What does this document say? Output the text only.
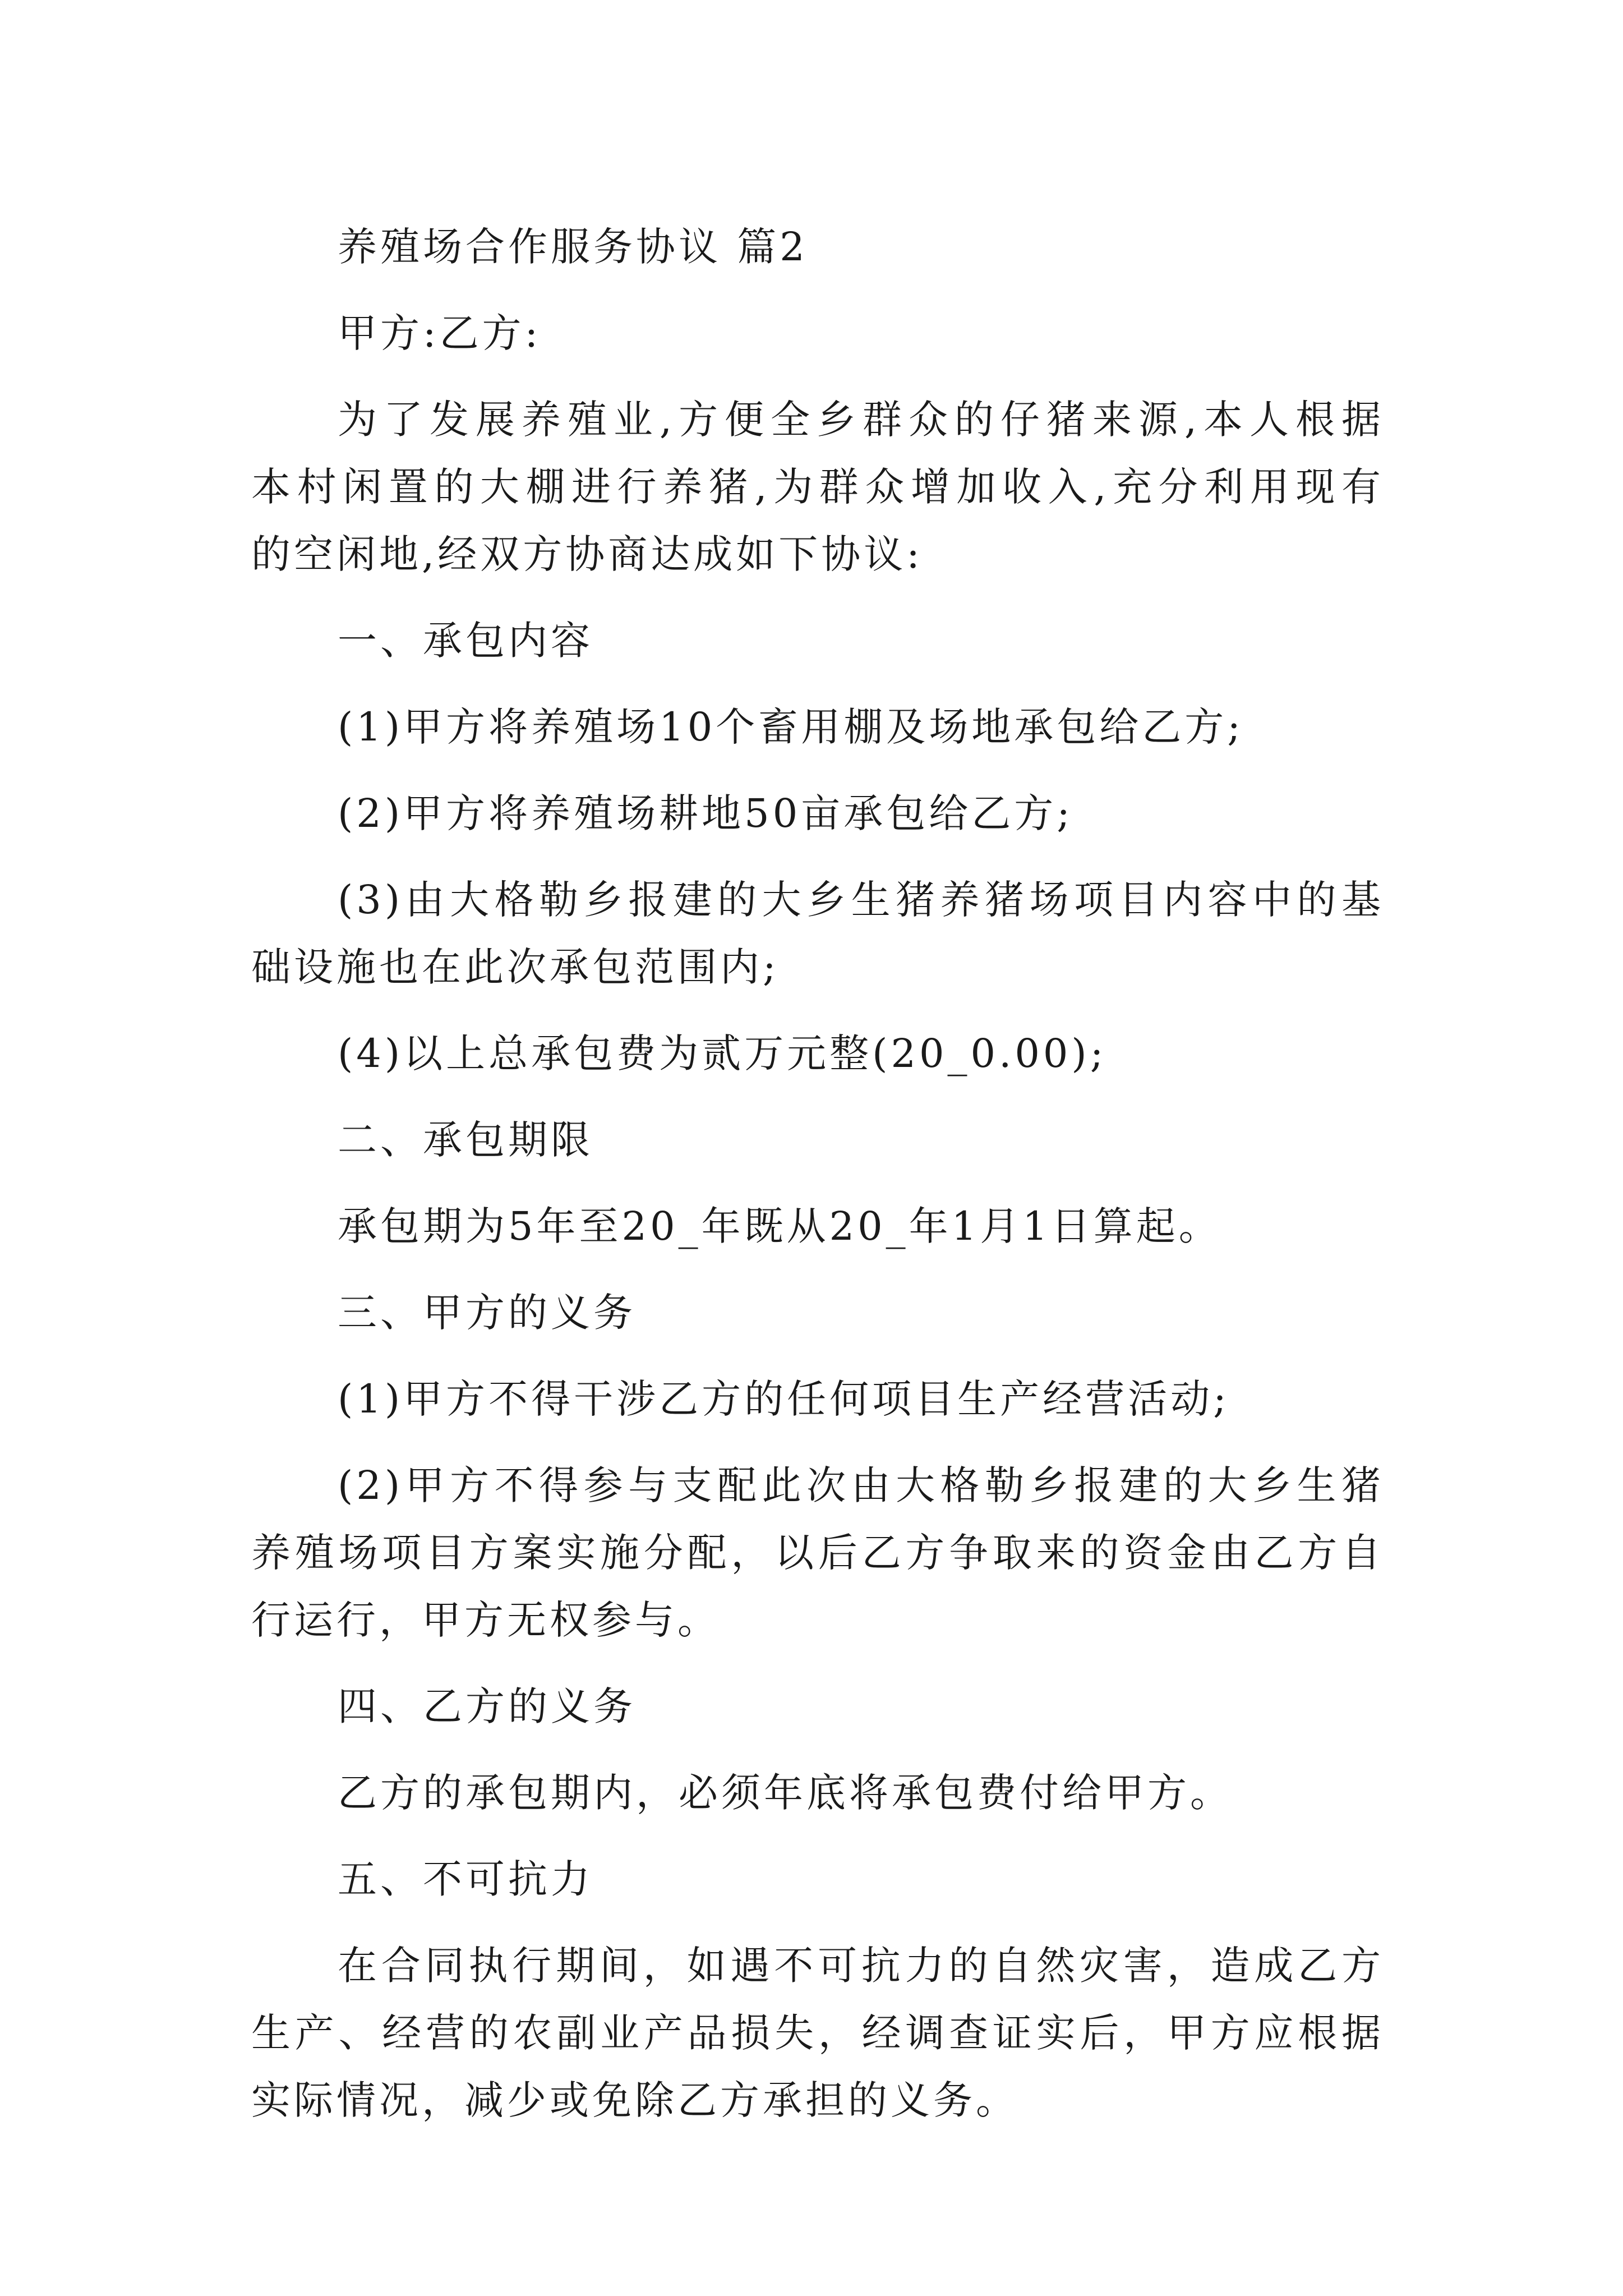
养殖场合作服务协议 篇2
甲方:乙方:
为了发展养殖业,方便全乡群众的仔猪来源,本人根据
本村闲置的大棚进行养猪,为群众增加收入,充分利用现有
的空闲地,经双方协商达成如下协议:
一、承包内容
(1)甲方将养殖场10个畜用棚及场地承包给乙方;
(2)甲方将养殖场耕地50亩承包给乙方;
(3)由大格勒乡报建的大乡生猪养猪场项目内容中的基
础设施也在此次承包范围内;
(4)以上总承包费为贰万元整(20_0.00);
二、承包期限
承包期为5年至20_年既从20_年1月1日算起。
三、甲方的义务
(1)甲方不得干涉乙方的任何项目生产经营活动;
(2)甲方不得参与支配此次由大格勒乡报建的大乡生猪
养殖场项目方案实施分配，以后乙方争取来的资金由乙方自
行运行，甲方无权参与。
四、乙方的义务
乙方的承包期内，必须年底将承包费付给甲方。
五、不可抗力
在合同执行期间，如遇不可抗力的自然灾害，造成乙方
生产、经营的农副业产品损失，经调查证实后，甲方应根据
实际情况，减少或免除乙方承担的义务。
